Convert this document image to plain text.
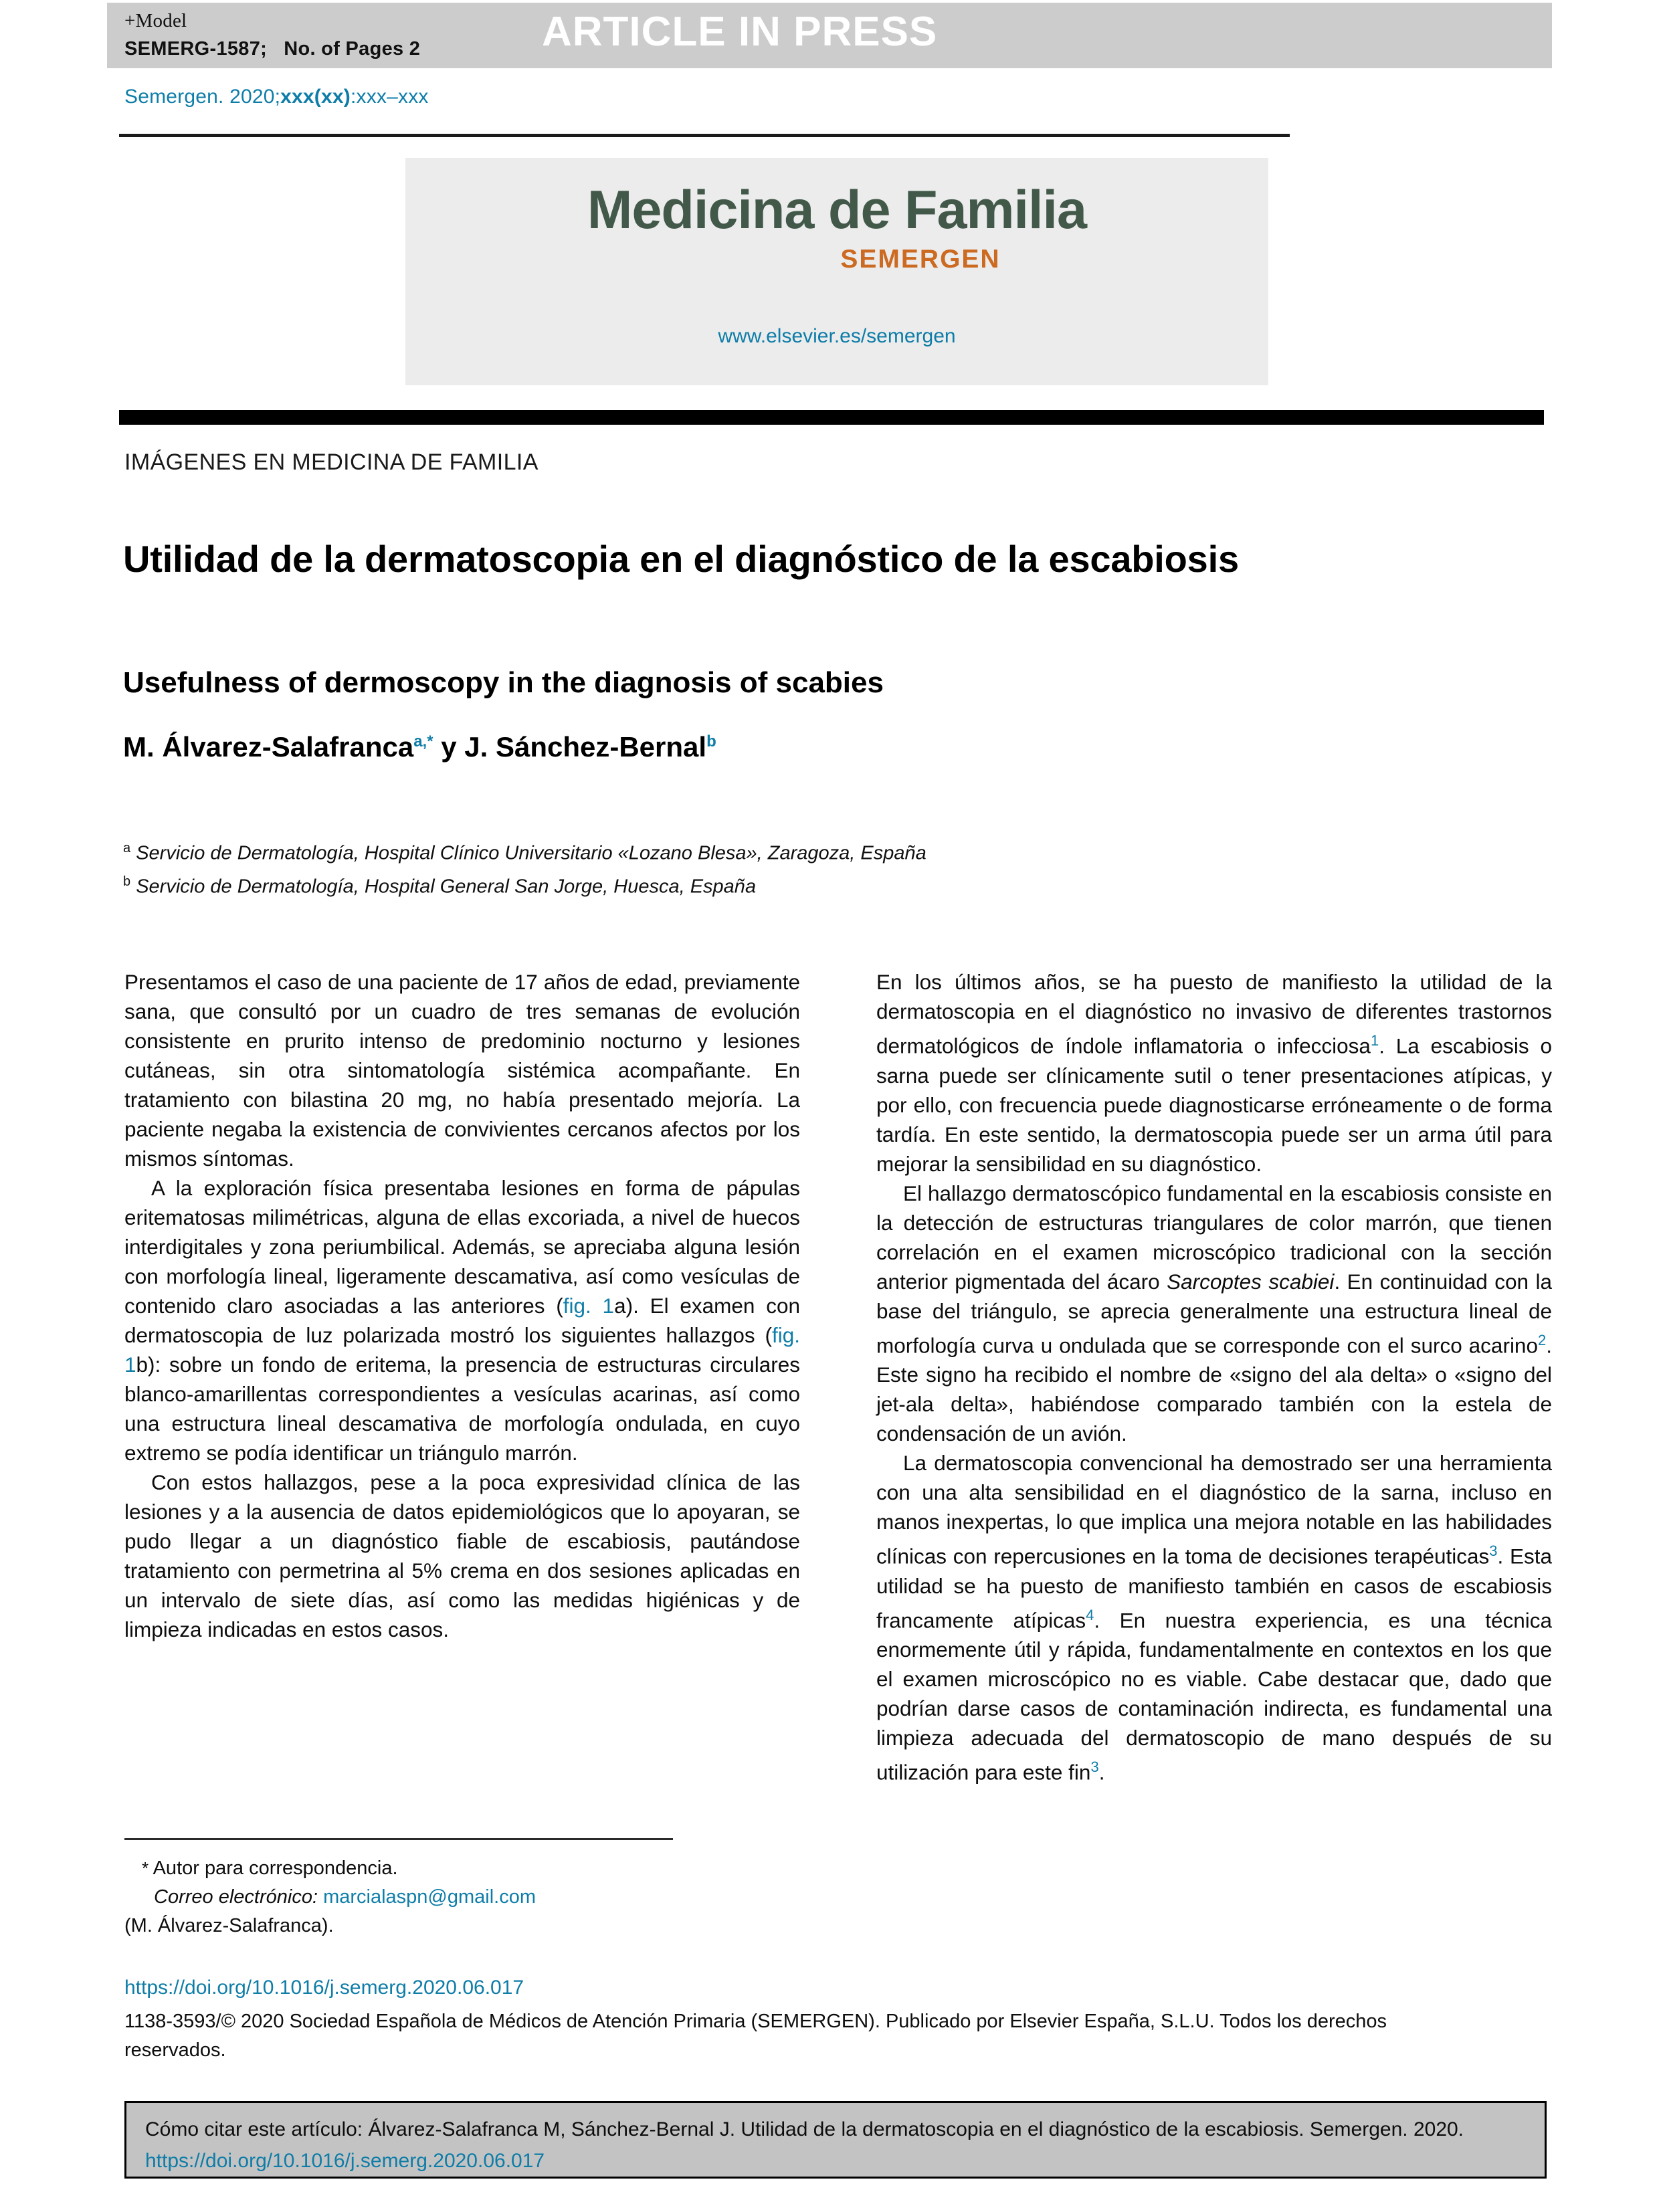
+Model
SEMERG-1587; No. of Pages 2	ARTICLE IN PRESS
Semergen. 2020;xxx(xx):xxx–xxx
Medicina de Familia
SEMERGEN
www.elsevier.es/semergen
IMÁGENES EN MEDICINA DE FAMILIA
Utilidad de la dermatoscopia en el diagnóstico de la escabiosis
Usefulness of dermoscopy in the diagnosis of scabies
M. Álvarez-Salafranca$^{a,*}$ y J. Sánchez-Bernal$^b$
$^a$ Servicio de Dermatología, Hospital Clínico Universitario «Lozano Blesa», Zaragoza, España
$^b$ Servicio de Dermatología, Hospital General San Jorge, Huesca, España

Presentamos el caso de una paciente de 17 años de edad, previamente sana, que consultó por un cuadro de tres semanas de evolución consistente en prurito intenso de predominio nocturno y lesiones cutáneas, sin otra sintomatología sistémica acompañante. En tratamiento con bilastina 20 mg, no había presentado mejoría. La paciente negaba la existencia de convivientes cercanos afectos por los mismos síntomas.

A la exploración física presentaba lesiones en forma de pápulas eritematosas milimétricas, alguna de ellas excoriada, a nivel de huecos interdigitales y zona periumbilical. Además, se apreciaba alguna lesión con morfología lineal, ligeramente descamativa, así como vesículas de contenido claro asociadas a las anteriores (fig. 1a). El examen con dermatoscopia de luz polarizada mostró los siguientes hallazgos (fig. 1b): sobre un fondo de eritema, la presencia de estructuras circulares blanco-amarillentas correspondientes a vesículas acarinas, así como una estructura lineal descamativa de morfología ondulada, en cuyo extremo se podía identificar un triángulo marrón.

Con estos hallazgos, pese a la poca expresividad clínica de las lesiones y a la ausencia de datos epidemiológicos que lo apoyaran, se pudo llegar a un diagnóstico fiable de escabiosis, pautándose tratamiento con permetrina al 5% crema en dos sesiones aplicadas en un intervalo de siete días, así como las medidas higiénicas y de limpieza indicadas en estos casos.

En los últimos años, se ha puesto de manifiesto la utilidad de la dermatoscopia en el diagnóstico no invasivo de diferentes trastornos dermatológicos de índole inflamatoria o infecciosa$^1$. La escabiosis o sarna puede ser clínicamente sutil o tener presentaciones atípicas, y por ello, con frecuencia puede diagnosticarse erróneamente o de forma tardía. En este sentido, la dermatoscopia puede ser un arma útil para mejorar la sensibilidad en su diagnóstico.

El hallazgo dermatoscópico fundamental en la escabiosis consiste en la detección de estructuras triangulares de color marrón, que tienen correlación en el examen microscópico tradicional con la sección anterior pigmentada del ácaro Sarcoptes scabiei. En continuidad con la base del triángulo, se aprecia generalmente una estructura lineal de morfología curva u ondulada que se corresponde con el surco acarino$^2$. Este signo ha recibido el nombre de «signo del ala delta» o «signo del jet-ala delta», habiéndose comparado también con la estela de condensación de un avión.

La dermatoscopia convencional ha demostrado ser una herramienta con una alta sensibilidad en el diagnóstico de la sarna, incluso en manos inexpertas, lo que implica una mejora notable en las habilidades clínicas con repercusiones en la toma de decisiones terapéuticas$^3$. Esta utilidad se ha puesto de manifiesto también en casos de escabiosis francamente atípicas$^4$. En nuestra experiencia, es una técnica enormemente útil y rápida, fundamentalmente en contextos en los que el examen microscópico no es viable. Cabe destacar que, dado que podrían darse casos de contaminación indirecta, es fundamental una limpieza adecuada del dermatoscopio de mano después de su utilización para este fin$^3$.

* Autor para correspondencia.
Correo electrónico: marcialaspn@gmail.com
(M. Álvarez-Salafranca).
https://doi.org/10.1016/j.semerg.2020.06.017
1138-3593/© 2020 Sociedad Española de Médicos de Atención Primaria (SEMERGEN). Publicado por Elsevier España, S.L.U. Todos los derechos reservados.
Cómo citar este artículo: Álvarez-Salafranca M, Sánchez-Bernal J. Utilidad de la dermatoscopia en el diagnóstico de la escabiosis. Semergen. 2020. https://doi.org/10.1016/j.semerg.2020.06.017
